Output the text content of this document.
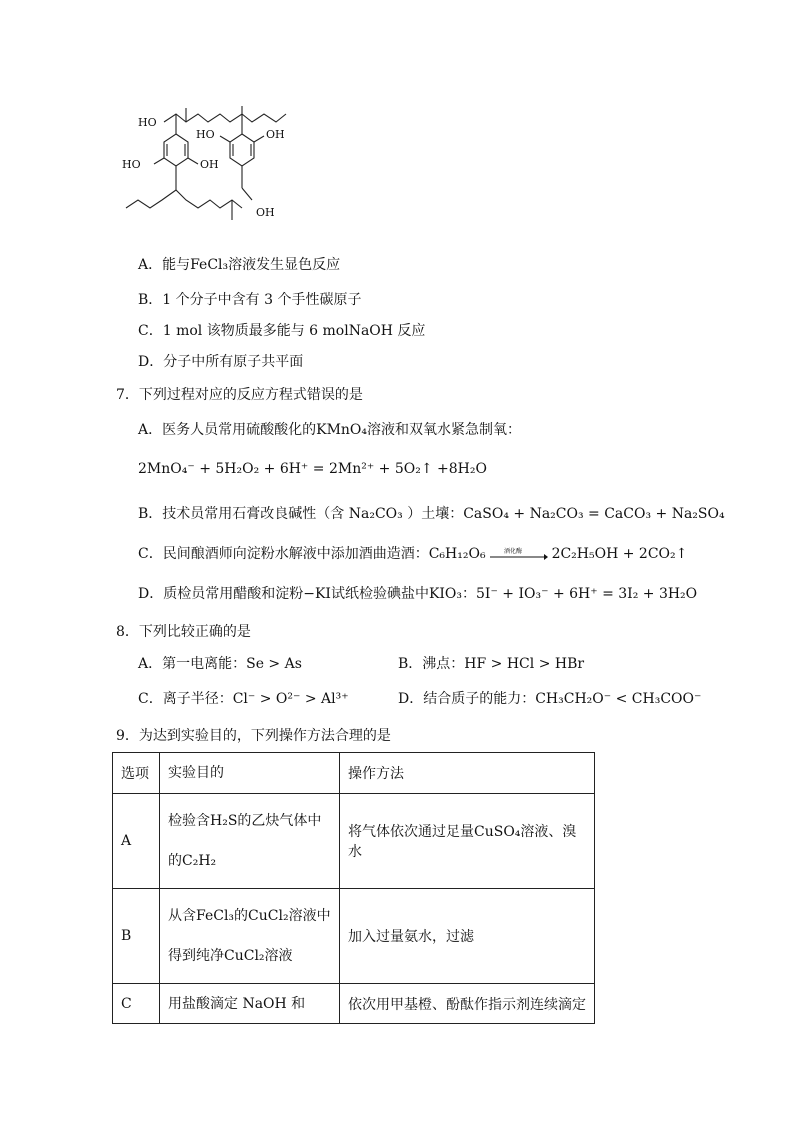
HO
HO	OH
HO	OH
OH
A．能与FeCl₃溶液发生显色反应
B．1 个分子中含有 3 个手性碳原子
C．1 mol 该物质最多能与 6 molNaOH 反应
D．分子中所有原子共平面
7．下列过程对应的反应方程式错误的是
A．医务人员常用硫酸酸化的KMnO₄溶液和双氧水紧急制氧：
2MnO₄⁻ + 5H₂O₂ + 6H⁺ = 2Mn²⁺ + 5O₂↑ +8H₂O
B．技术员常用石膏改良碱性（含 Na₂CO₃ ）土壤：CaSO₄ + Na₂CO₃ = CaCO₃ + Na₂SO₄
C．民间酿酒师向淀粉水解液中添加酒曲造酒：C₆H₁₂O₆	酒化酶 2C₂H₅OH + 2CO₂↑
D．质检员常用醋酸和淀粉−KI试纸检验碘盐中KIO₃：5I⁻ + IO₃⁻ + 6H⁺ = 3I₂ + 3H₂O
8．下列比较正确的是
A．第一电离能：Se > As	B．沸点：HF > HCl > HBr
C．离子半径：Cl⁻ > O²⁻ > Al³⁺	D．结合质子的能力：CH₃CH₂O⁻ < CH₃COO⁻
9．为达到实验目的，下列操作方法合理的是
选项	实验目的	操作方法
A	检验含H₂S的乙炔气体中的C₂H₂	将气体依次通过足量CuSO₄溶液、溴水
B	从含FeCl₃的CuCl₂溶液中得到纯净CuCl₂溶液	加入过量氨水，过滤
C	用盐酸滴定 NaOH 和	依次用甲基橙、酚酞作指示剂连续滴定
